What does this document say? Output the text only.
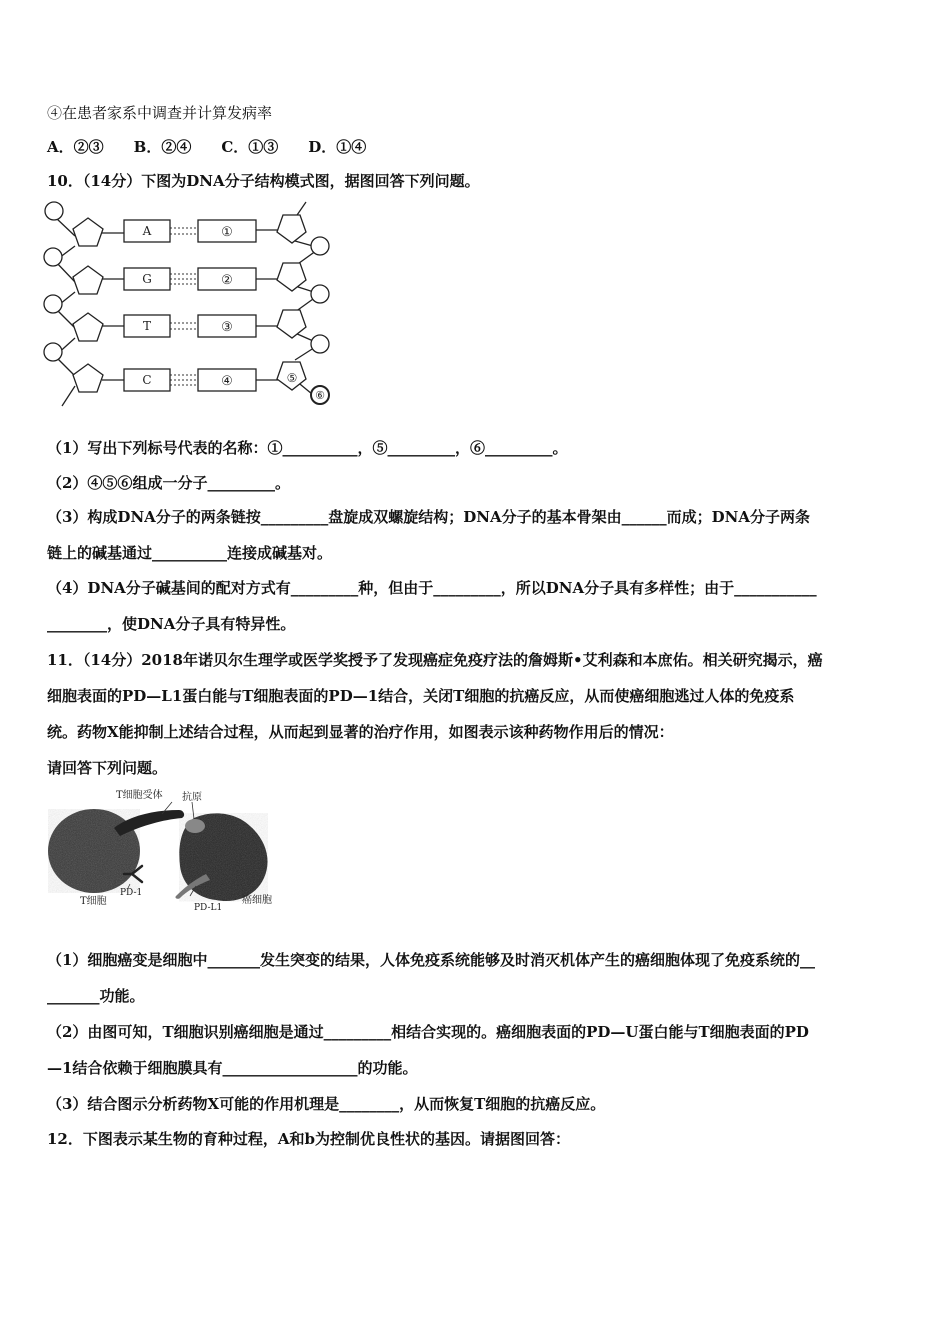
④在患者家系中调查并计算发病率
A．②③　　B．②④　　C．①③　　D．①④
10．（14分）下图为DNA分子结构模式图，据图回答下列问题。
A
G
T
C
①
②
③
④	⑤
⑥
（1）写出下列标号代表的名称：①__________，⑤_________，⑥_________。
（2）④⑤⑥组成一分子_________。
（3）构成DNA分子的两条链按_________盘旋成双螺旋结构；DNA分子的基本骨架由______而成；DNA分子两条
链上的碱基通过__________连接成碱基对。
（4）DNA分子碱基间的配对方式有_________种，但由于_________，所以DNA分子具有多样性；由于___________
________，使DNA分子具有特异性。
11．（14分）2018年诺贝尔生理学或医学奖授予了发现癌症免疫疗法的詹姆斯•艾利森和本庶佑。相关研究揭示，癌
细胞表面的PD—L1蛋白能与T细胞表面的PD—1结合，关闭T细胞的抗癌反应，从而使癌细胞逃过人体的免疫系
统。药物X能抑制上述结合过程，从而起到显著的治疗作用，如图表示该种药物作用后的情况：
请回答下列问题。
T细胞受体 抗原
PD-1
T细胞
PD-L1
癌细胞
（1）细胞癌变是细胞中_______发生突变的结果，人体免疫系统能够及时消灭机体产生的癌细胞体现了免疫系统的__
_______功能。
（2）由图可知，T细胞识别癌细胞是通过_________相结合实现的。癌细胞表面的PD—U蛋白能与T细胞表面的PD
—1结合依赖于细胞膜具有__________________的功能。
（3）结合图示分析药物X可能的作用机理是________，从而恢复T细胞的抗癌反应。
12．下图表示某生物的育种过程，A和b为控制优良性状的基因。请据图回答：
